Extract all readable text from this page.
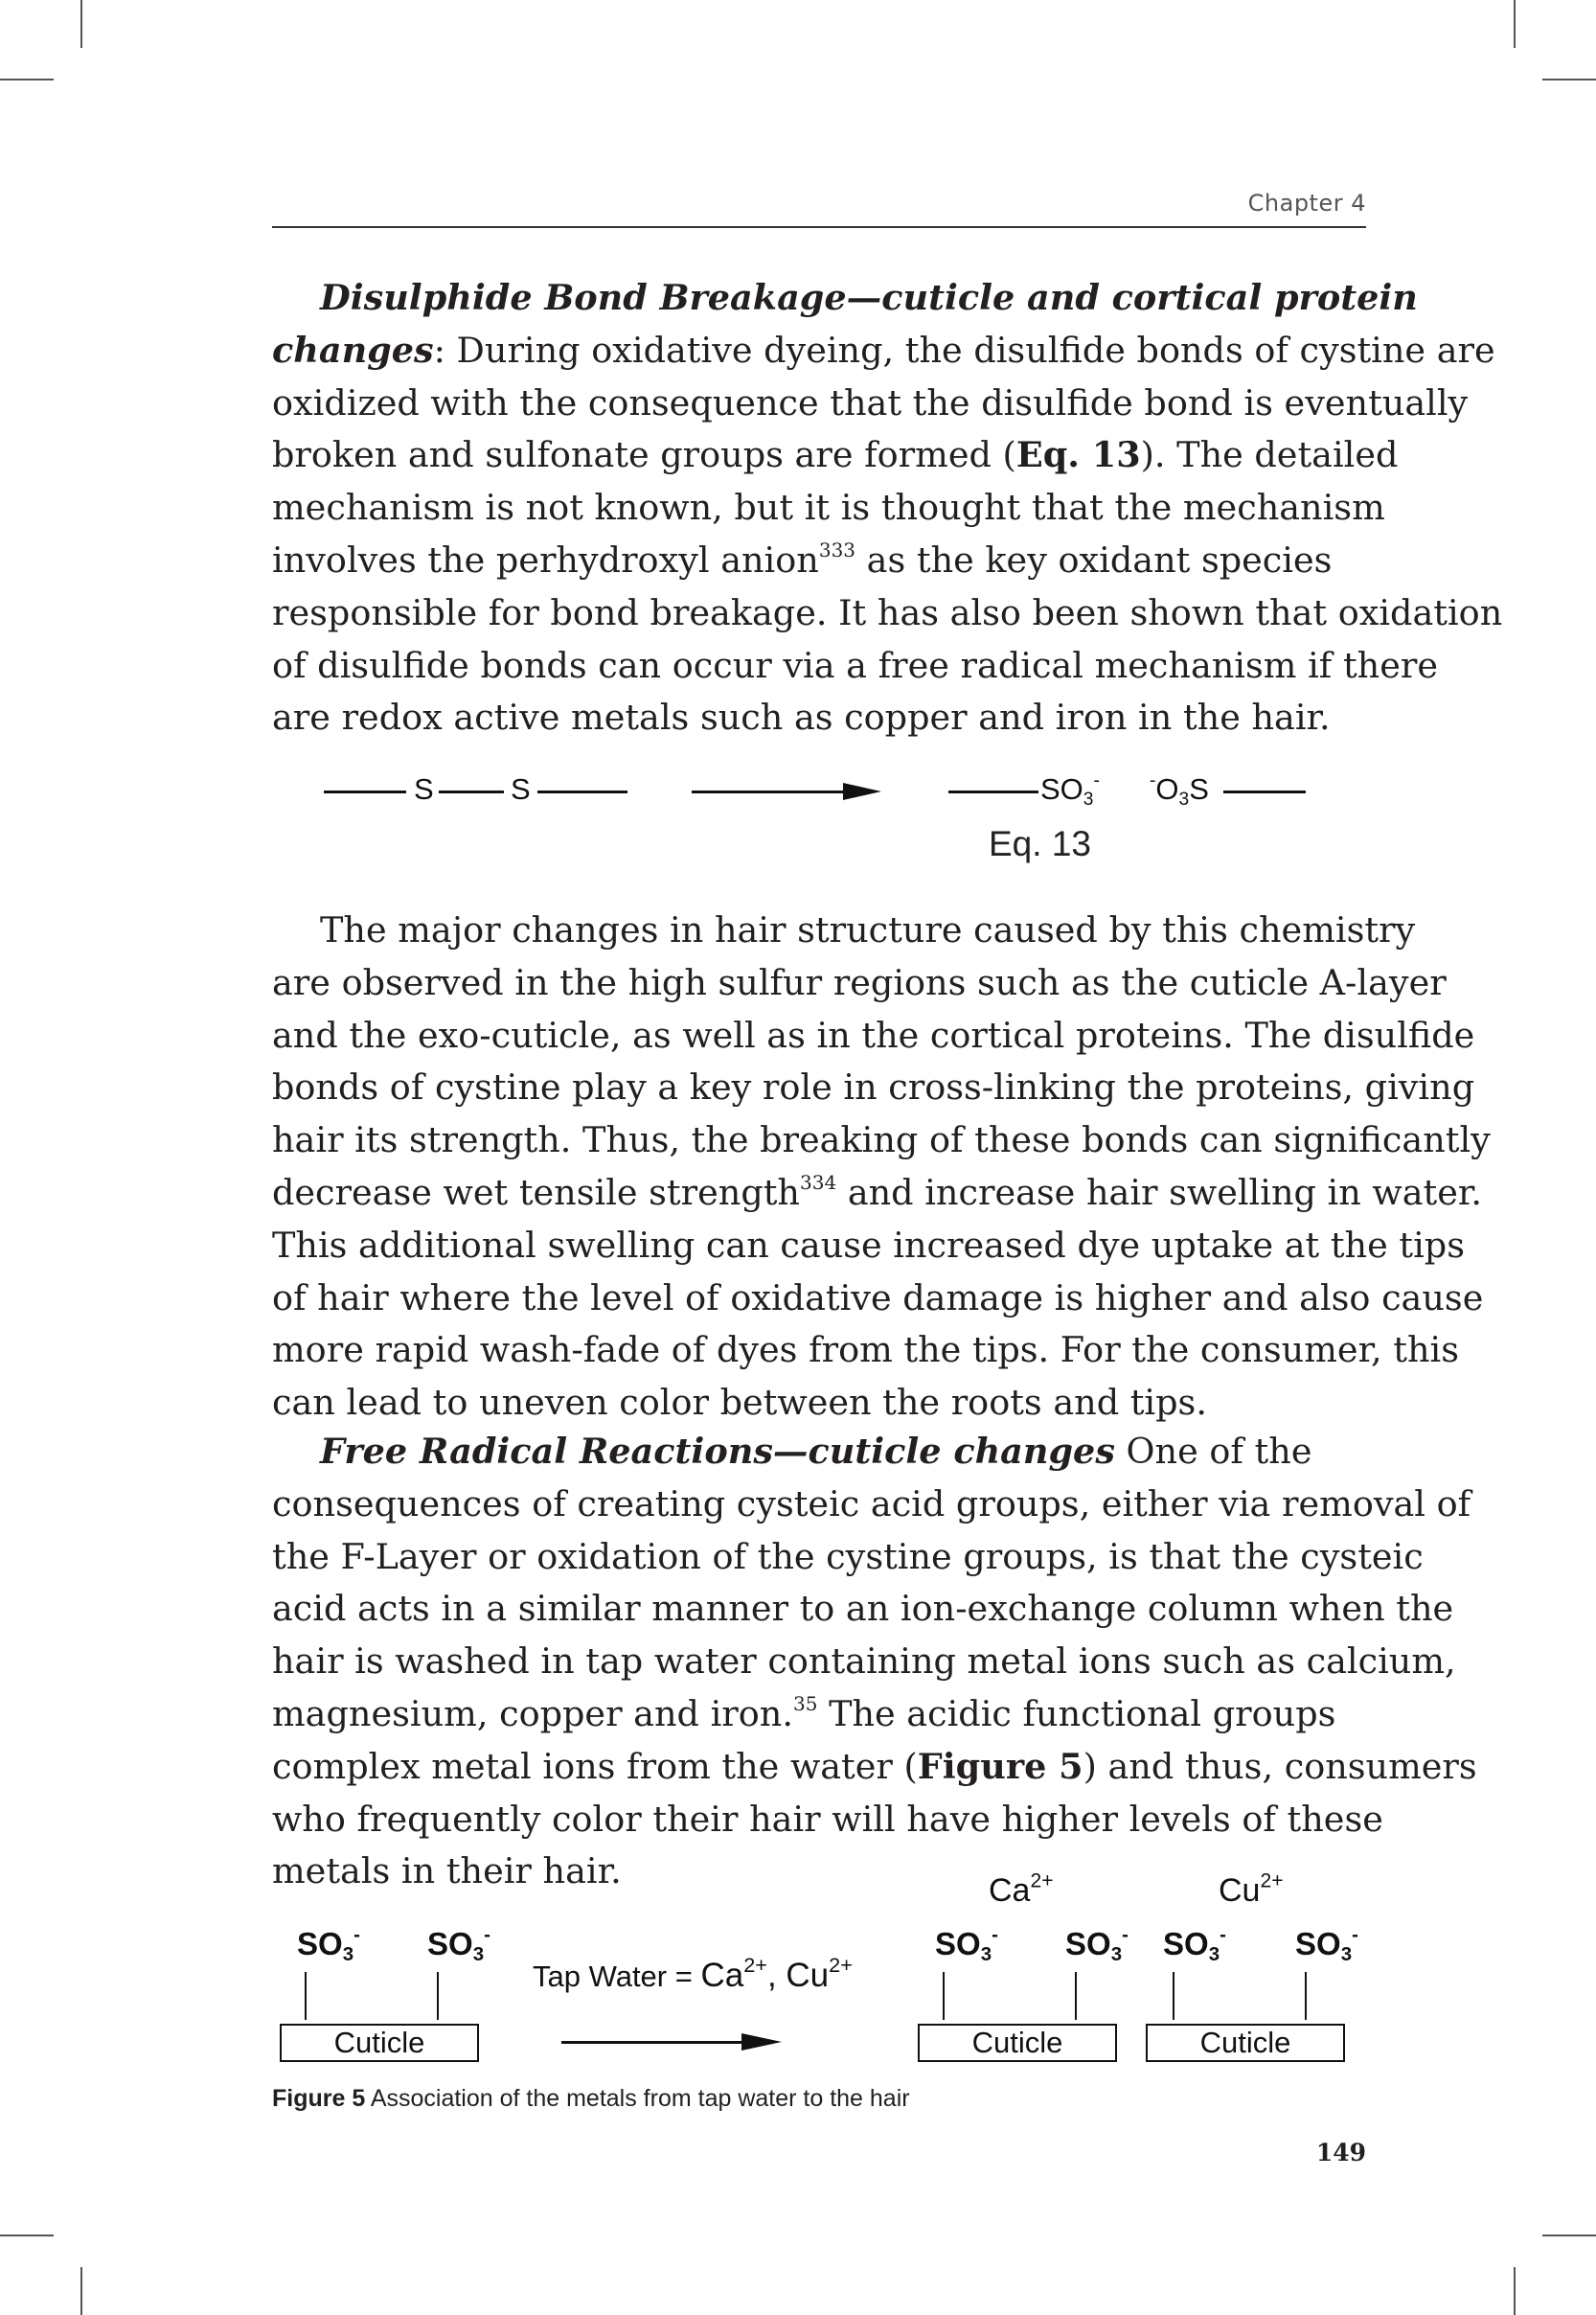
Chapter 4
Disulphide Bond Breakage—cuticle and cortical protein
changes: During oxidative dyeing, the disulfide bonds of cystine are
oxidized with the consequence that the disulfide bond is eventually
broken and sulfonate groups are formed (Eq. 13). The detailed
mechanism is not known, but it is thought that the mechanism
involves the perhydroxyl anion$^{333}$ as the key oxidant species
responsible for bond breakage. It has also been shown that oxidation
of disulfide bonds can occur via a free radical mechanism if there
are redox active metals such as copper and iron in the hair.
S	S	$SO_3^-$	$^-O_3S$
Eq. 13
The major changes in hair structure caused by this chemistry
are observed in the high sulfur regions such as the cuticle A-layer
and the exo-cuticle, as well as in the cortical proteins. The disulfide
bonds of cystine play a key role in cross-linking the proteins, giving
hair its strength. Thus, the breaking of these bonds can significantly
decrease wet tensile strength$^{334}$ and increase hair swelling in water.
This additional swelling can cause increased dye uptake at the tips
of hair where the level of oxidative damage is higher and also cause
more rapid wash-fade of dyes from the tips. For the consumer, this
can lead to uneven color between the roots and tips.
Free Radical Reactions—cuticle changes One of the
consequences of creating cysteic acid groups, either via removal of
the F-Layer or oxidation of the cystine groups, is that the cysteic
acid acts in a similar manner to an ion-exchange column when the
hair is washed in tap water containing metal ions such as calcium,
magnesium, copper and iron.$^{35}$ The acidic functional groups
complex metal ions from the water (Figure 5) and thus, consumers
who frequently color their hair will have higher levels of these
metals in their hair.	$Ca^{2+}$	$Cu^{2+}$
$SO_3^-$ $SO_3^-$
Cuticle
Tap Water = $Ca^{2+}$, $Cu^{2+}$
$SO_3^-$ $SO_3^-$
Cuticle
$SO_3^-$ $SO_3^-$
Cuticle
Figure 5 Association of the metals from tap water to the hair
149
